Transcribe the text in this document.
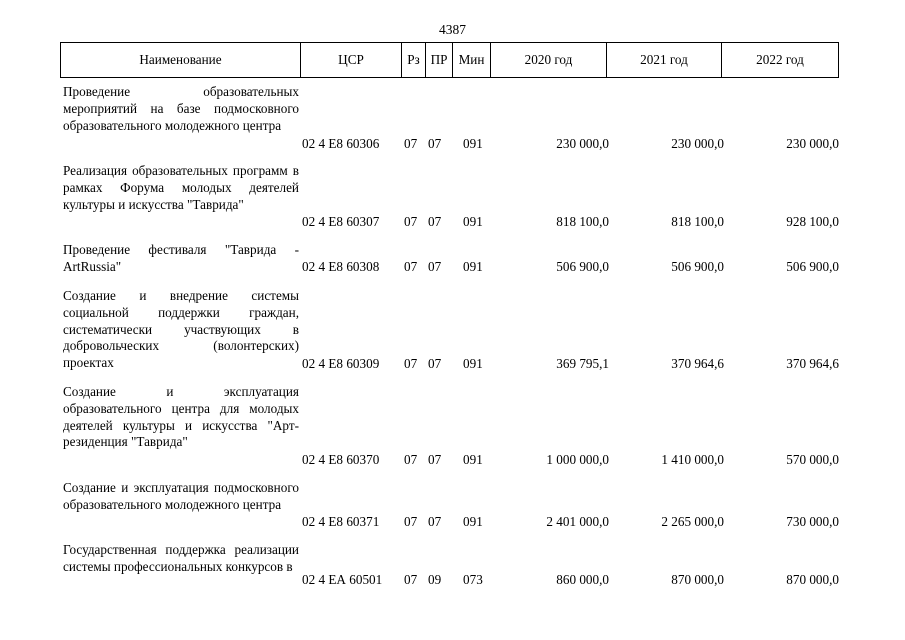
4387
Наименование	ЦСР	Рз ПР Мин	2020 год	2021 год	2022 год
Проведение образовательных мероприятий на базе подмосковного образовательного молодежного центра
02 4 Е8 60306 07 07 091	230 000,0	230 000,0	230 000,0
Реализация образовательных программ в рамках Форума молодых деятелей культуры и искусства "Таврида"
02 4 Е8 60307 07 07 091	818 100,0	818 100,0	928 100,0
Проведение фестиваля "Таврида - ArtRussia"	02 4 Е8 60308 07 07 091	506 900,0	506 900,0	506 900,0
Создание и внедрение системы социальной поддержки граждан, систематически участвующих в добровольческих (волонтерских) проектах	02 4 Е8 60309 07 07 091	369 795,1	370 964,6	370 964,6
Создание и эксплуатация образовательного центра для молодых деятелей культуры и искусства "Арт-резиденция "Таврида"
02 4 Е8 60370 07 07 091	1 000 000,0	1 410 000,0	570 000,0
Создание и эксплуатация подмосковного образовательного молодежного центра
02 4 Е8 60371 07 07 091	2 401 000,0	2 265 000,0	730 000,0
Государственная поддержка реализации системы профессиональных конкурсов в
02 4 ЕА 60501 07 09 073	860 000,0	870 000,0	870 000,0
